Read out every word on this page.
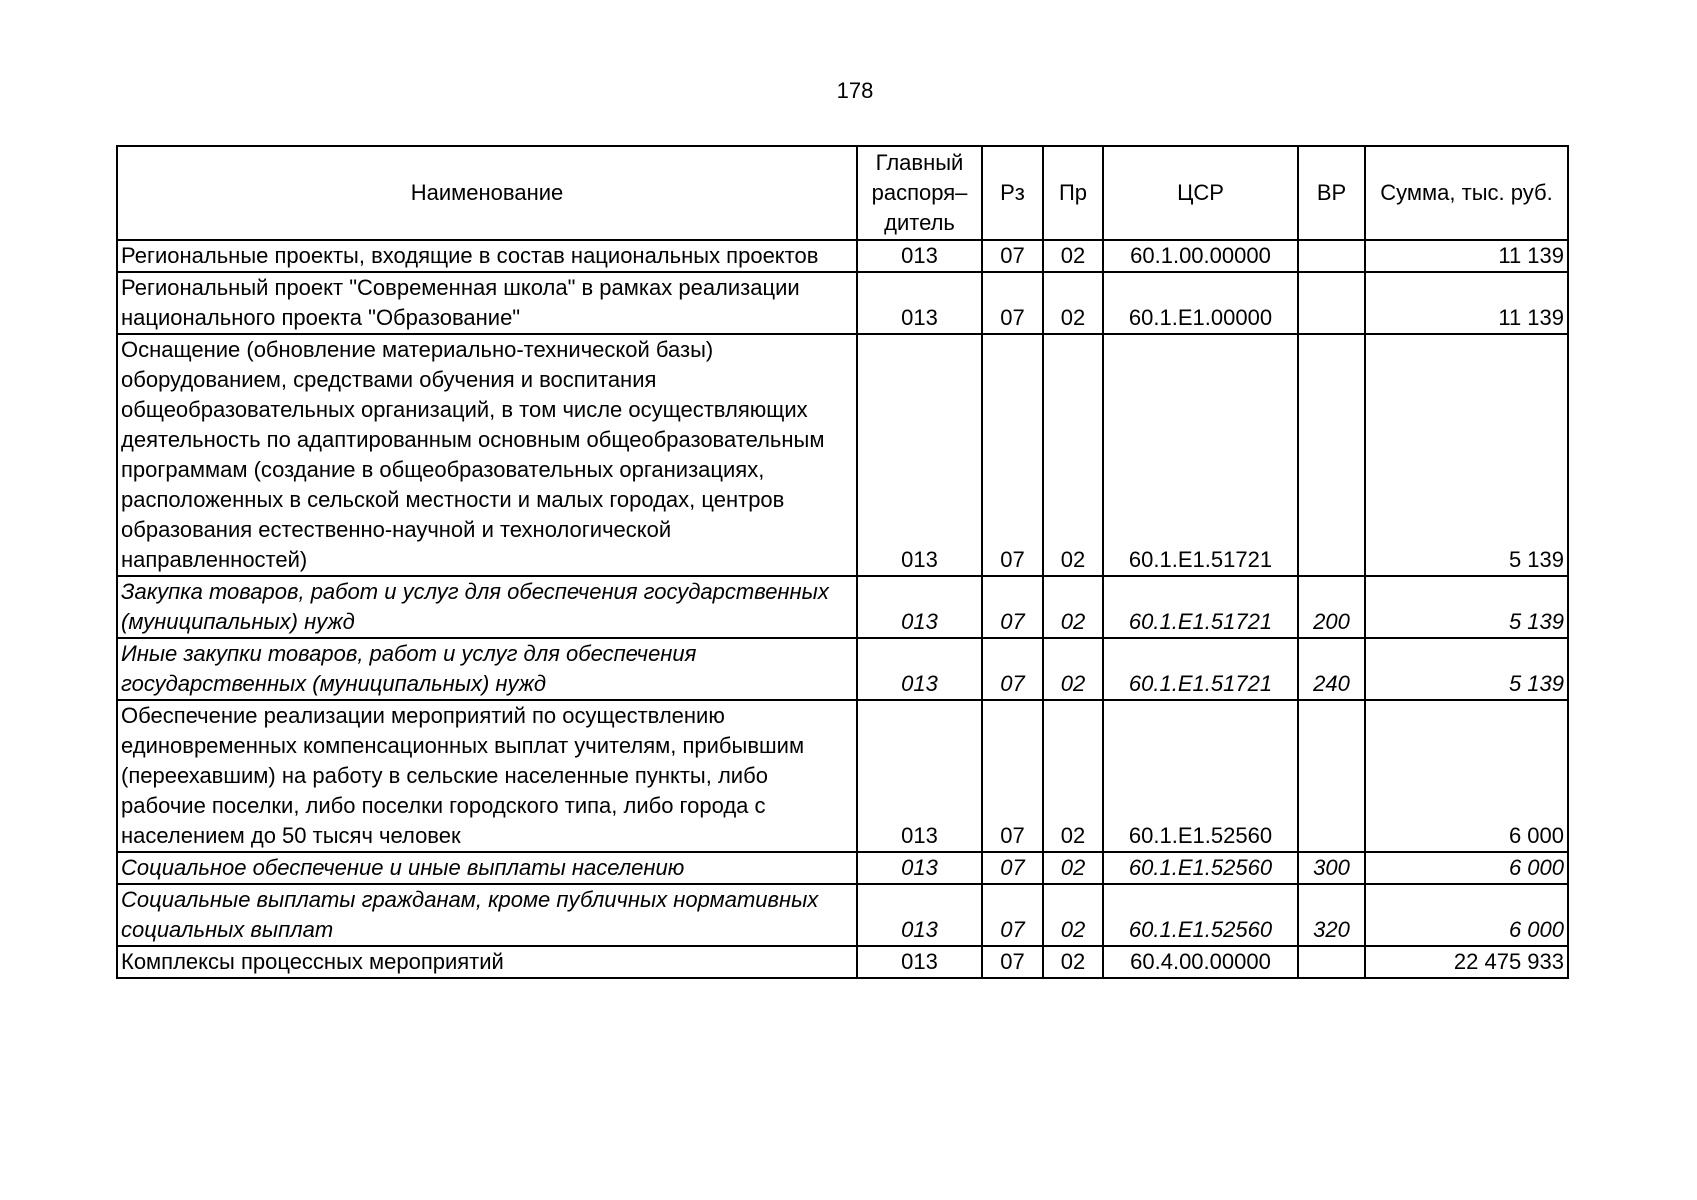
178
Наименование	Главный распоря– дитель	Рз	Пр	ЦСР	ВР	Сумма, тыс. руб.
Региональные проекты, входящие в состав национальных проектов	013	07	02	60.1.00.00000		11 139
Региональный проект "Современная школа" в рамках реализации национального проекта "Образование"	013	07	02	60.1.E1.00000		11 139
Оснащение (обновление материально-технической базы) оборудованием, средствами обучения и воспитания общеобразовательных организаций, в том числе осуществляющих деятельность по адаптированным основным общеобразовательным программам (создание в общеобразовательных организациях, расположенных в сельской местности и малых городах, центров образования естественно-научной и технологической направленностей)	013	07	02	60.1.E1.51721		5 139
Закупка товаров, работ и услуг для обеспечения государственных (муниципальных) нужд	013	07	02	60.1.E1.51721	200	5 139
Иные закупки товаров, работ и услуг для обеспечения государственных (муниципальных) нужд	013	07	02	60.1.E1.51721	240	5 139
Обеспечение реализации мероприятий по осуществлению единовременных компенсационных выплат учителям, прибывшим (переехавшим) на работу в сельские населенные пункты, либо рабочие поселки, либо поселки городского типа, либо города с населением до 50 тысяч человек	013	07	02	60.1.E1.52560		6 000
Социальное обеспечение и иные выплаты населению	013	07	02	60.1.E1.52560	300	6 000
Социальные выплаты гражданам, кроме публичных нормативных социальных выплат	013	07	02	60.1.E1.52560	320	6 000
Комплексы процессных мероприятий	013	07	02	60.4.00.00000		22 475 933
